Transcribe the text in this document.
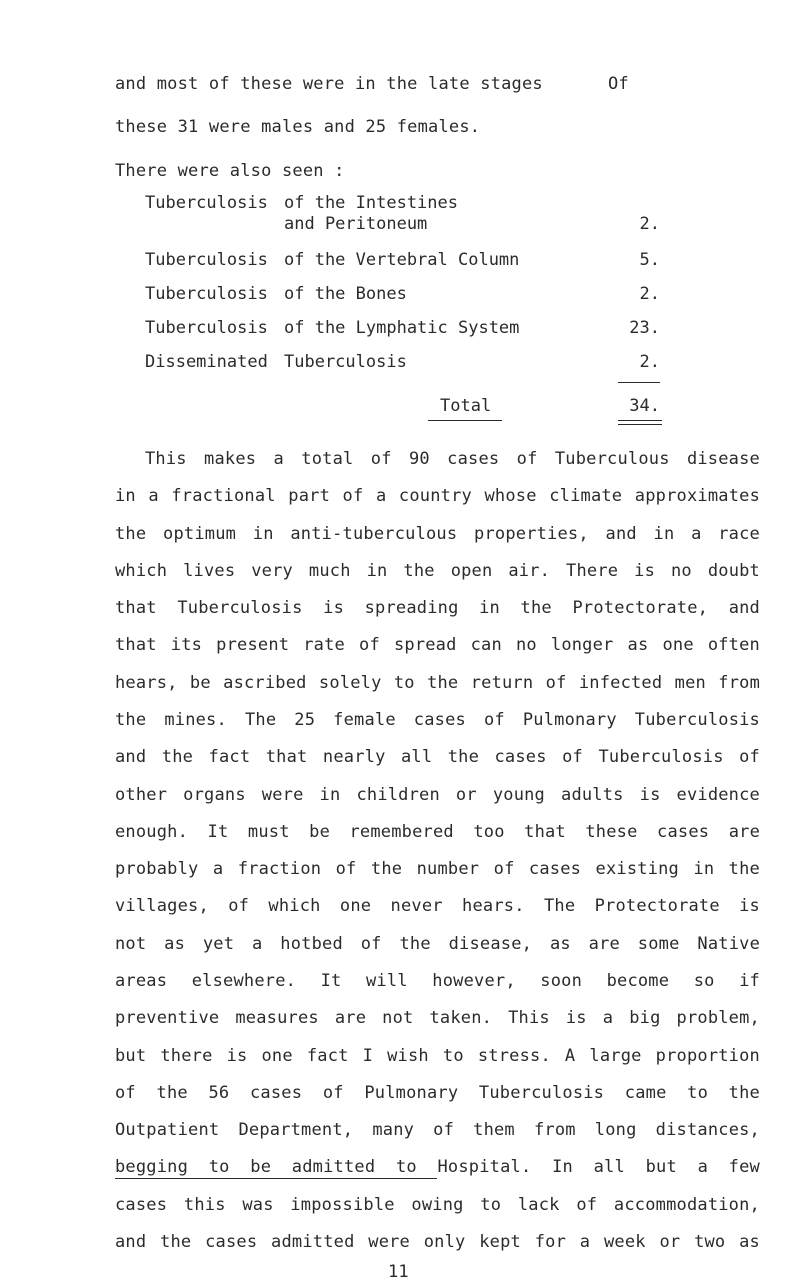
and most of these were in the late stages	Of
these 31 were males and 25 females.
There were also seen :
Tuberculosis of the Intestines
and Peritoneum	2.
Tuberculosis of the Vertebral Column	5.
Tuberculosis of the Bones	2.
Tuberculosis of the Lymphatic System	23.
Disseminated Tuberculosis	2.
Total	34.
This makes a total of 90 cases of Tuberculous disease
in a fractional part of a country whose climate approximates
the optimum in anti-tuberculous properties, and in a race
which lives very much in the open air. There is no doubt
that Tuberculosis is spreading in the Protectorate, and
that its present rate of spread can no longer as one often
hears, be ascribed solely to the return of infected men from
the mines. The 25 female cases of Pulmonary Tuberculosis
and the fact that nearly all the cases of Tuberculosis of
other organs were in children or young adults is evidence
enough. It must be remembered too that these cases are
probably a fraction of the number of cases existing in the
villages, of which one never hears. The Protectorate is
not as yet a hotbed of the disease, as are some Native
areas elsewhere. It will however, soon become so if
preventive measures are not taken. This is a big problem,
but there is one fact I wish to stress. A large proportion
of the 56 cases of Pulmonary Tuberculosis came to the
Outpatient Department, many of them from long distances,
begging to be admitted to Hospital. In all but a few
cases this was impossible owing to lack of accommodation,
and the cases admitted were only kept for a week or two as
11
